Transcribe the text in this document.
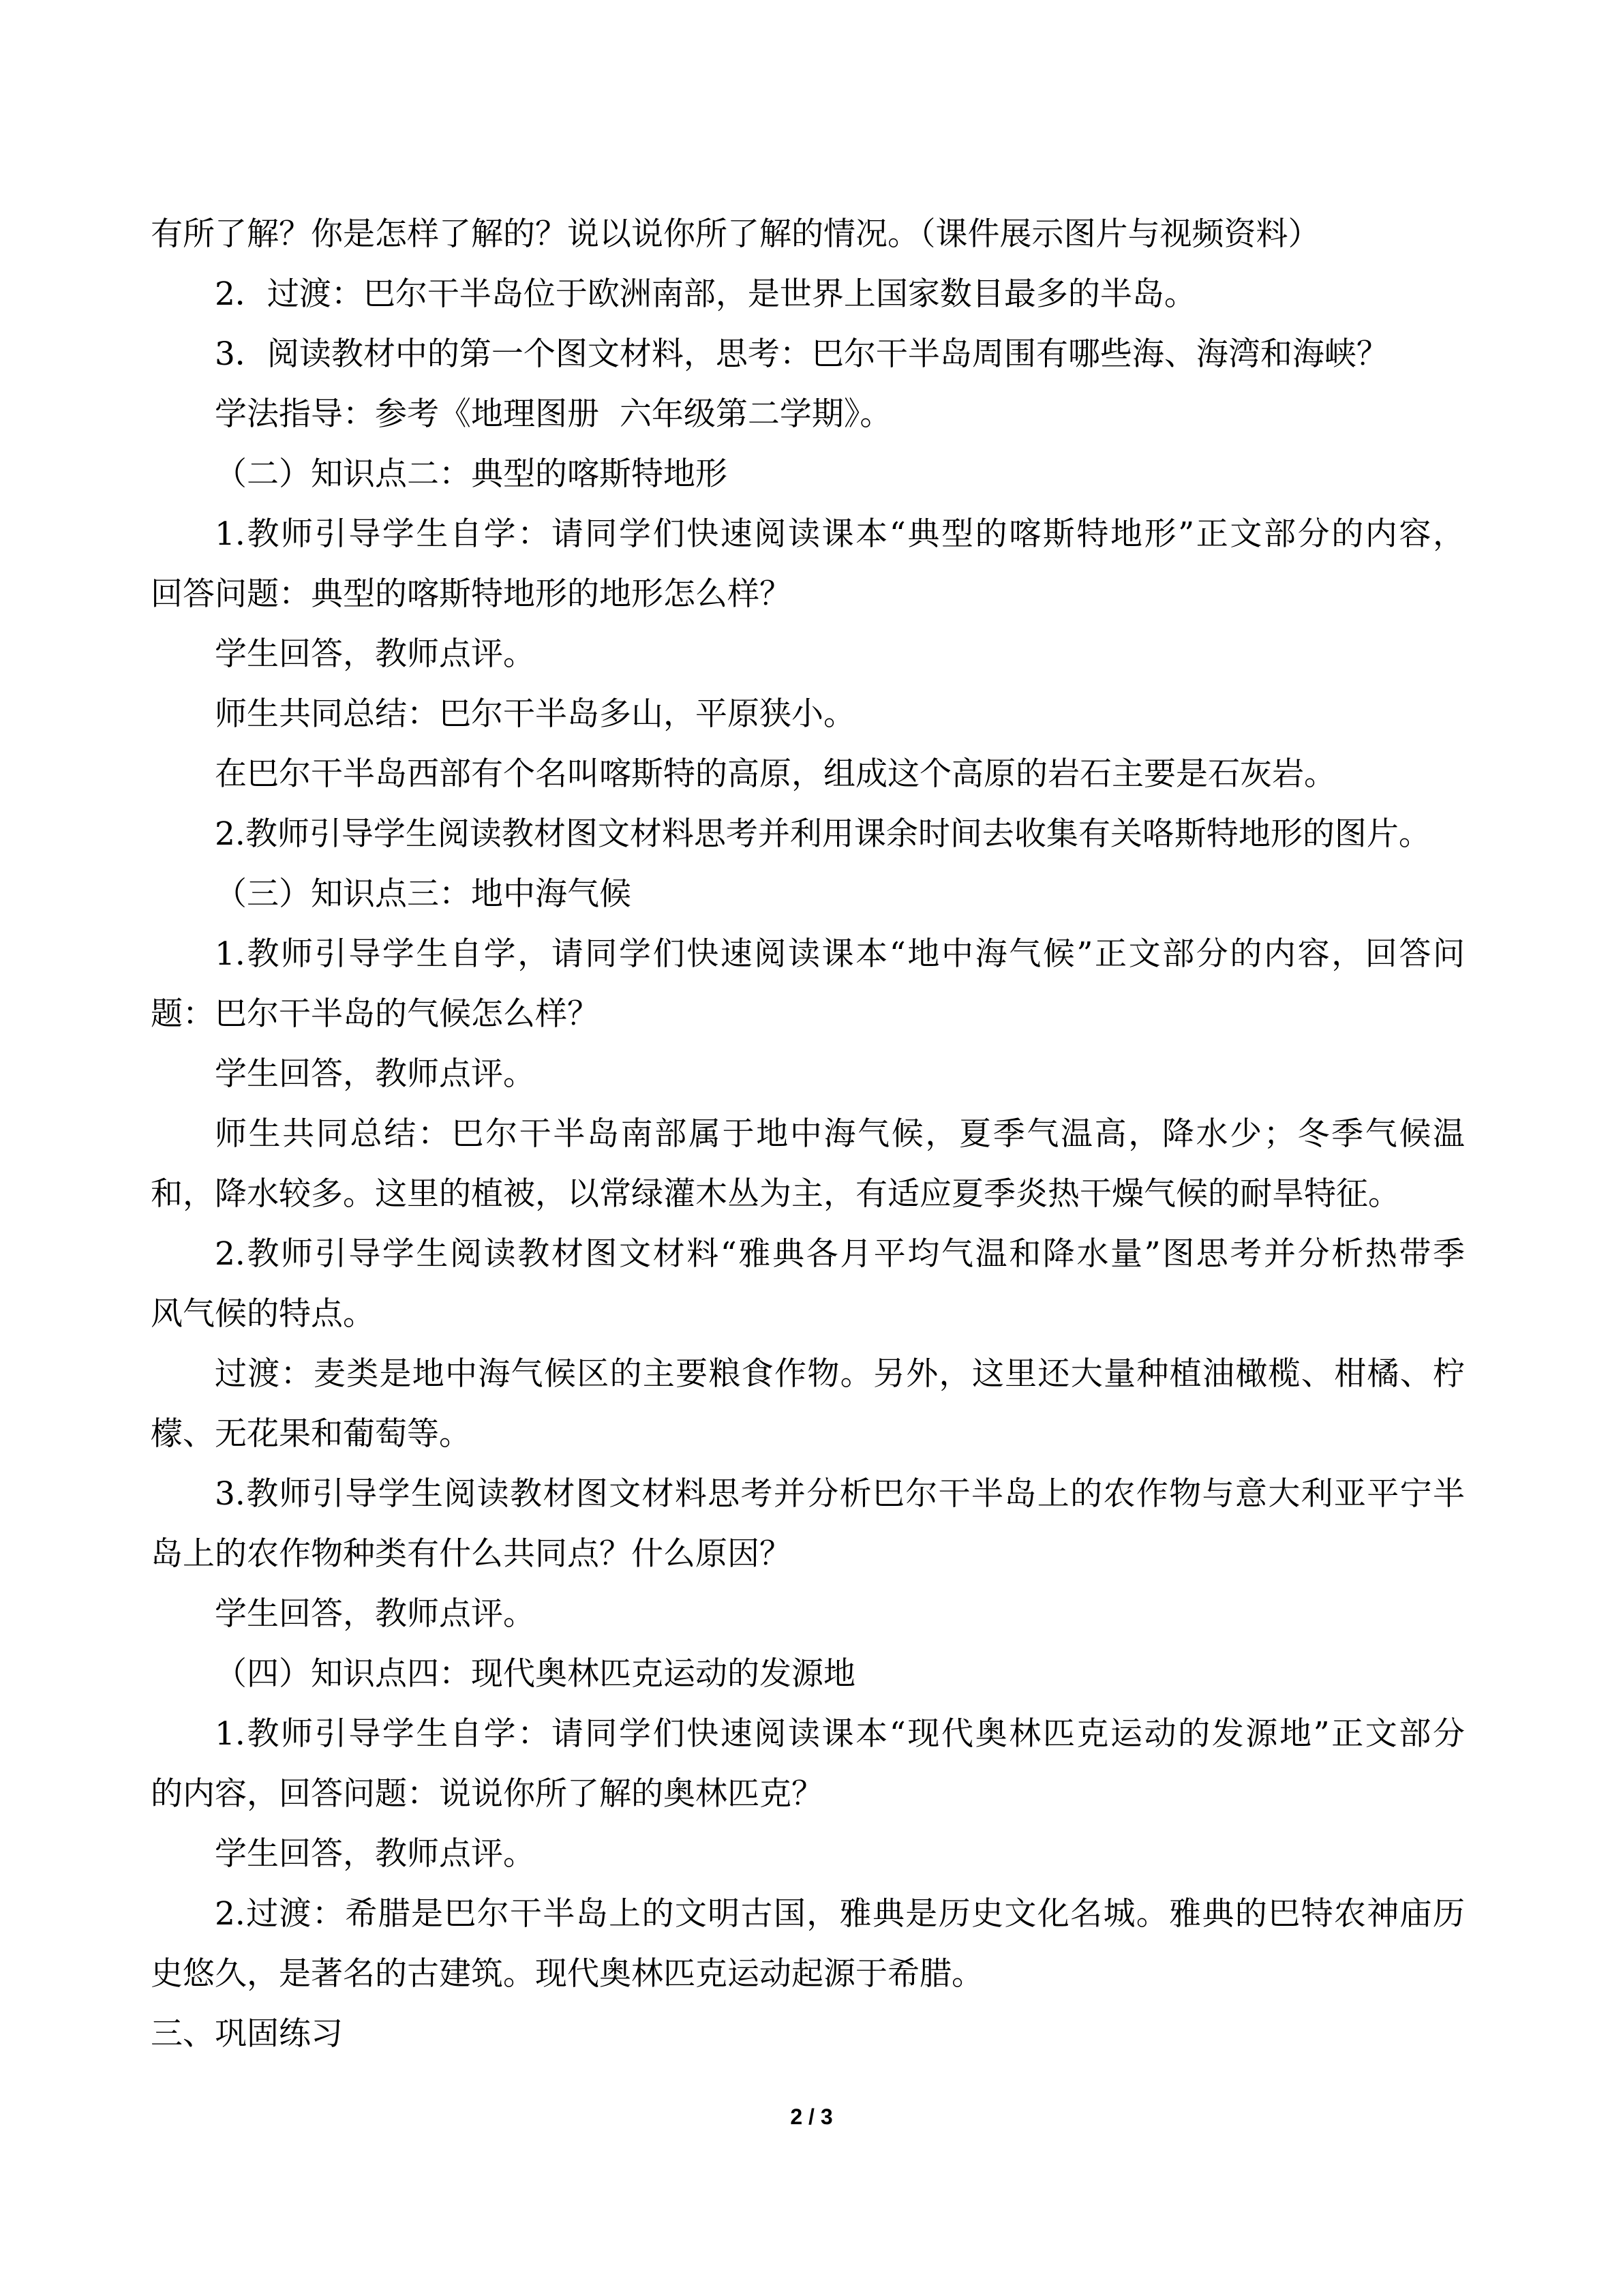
有所了解？你是怎样了解的？说以说你所了解的情况。（课件展示图片与视频资料）
2．过渡：巴尔干半岛位于欧洲南部，是世界上国家数目最多的半岛。
3．阅读教材中的第一个图文材料，思考：巴尔干半岛周围有哪些海、海湾和海峡？
学法指导：参考《地理图册  六年级第二学期》。
（二）知识点二：典型的喀斯特地形
1.教师引导学生自学：请同学们快速阅读课本“典型的喀斯特地形”正文部分的内容，
回答问题：典型的喀斯特地形的地形怎么样？
学生回答，教师点评。
师生共同总结：巴尔干半岛多山，平原狭小。
在巴尔干半岛西部有个名叫喀斯特的高原，组成这个高原的岩石主要是石灰岩。
2.教师引导学生阅读教材图文材料思考并利用课余时间去收集有关咯斯特地形的图片。
（三）知识点三：地中海气候
1.教师引导学生自学，请同学们快速阅读课本“地中海气候”正文部分的内容，回答问
题：巴尔干半岛的气候怎么样？
学生回答，教师点评。
师生共同总结：巴尔干半岛南部属于地中海气候，夏季气温高，降水少；冬季气候温
和，降水较多。这里的植被，以常绿灌木丛为主，有适应夏季炎热干燥气候的耐旱特征。
2.教师引导学生阅读教材图文材料“雅典各月平均气温和降水量”图思考并分析热带季
风气候的特点。
过渡：麦类是地中海气候区的主要粮食作物。另外，这里还大量种植油橄榄、柑橘、柠
檬、无花果和葡萄等。
3.教师引导学生阅读教材图文材料思考并分析巴尔干半岛上的农作物与意大利亚平宁半
岛上的农作物种类有什么共同点？什么原因？
学生回答，教师点评。
（四）知识点四：现代奥林匹克运动的发源地
1.教师引导学生自学：请同学们快速阅读课本“现代奥林匹克运动的发源地”正文部分
的内容，回答问题：说说你所了解的奥林匹克？
学生回答，教师点评。
2.过渡：希腊是巴尔干半岛上的文明古国，雅典是历史文化名城。雅典的巴特农神庙历
史悠久，是著名的古建筑。现代奥林匹克运动起源于希腊。
三、巩固练习
2 / 3
